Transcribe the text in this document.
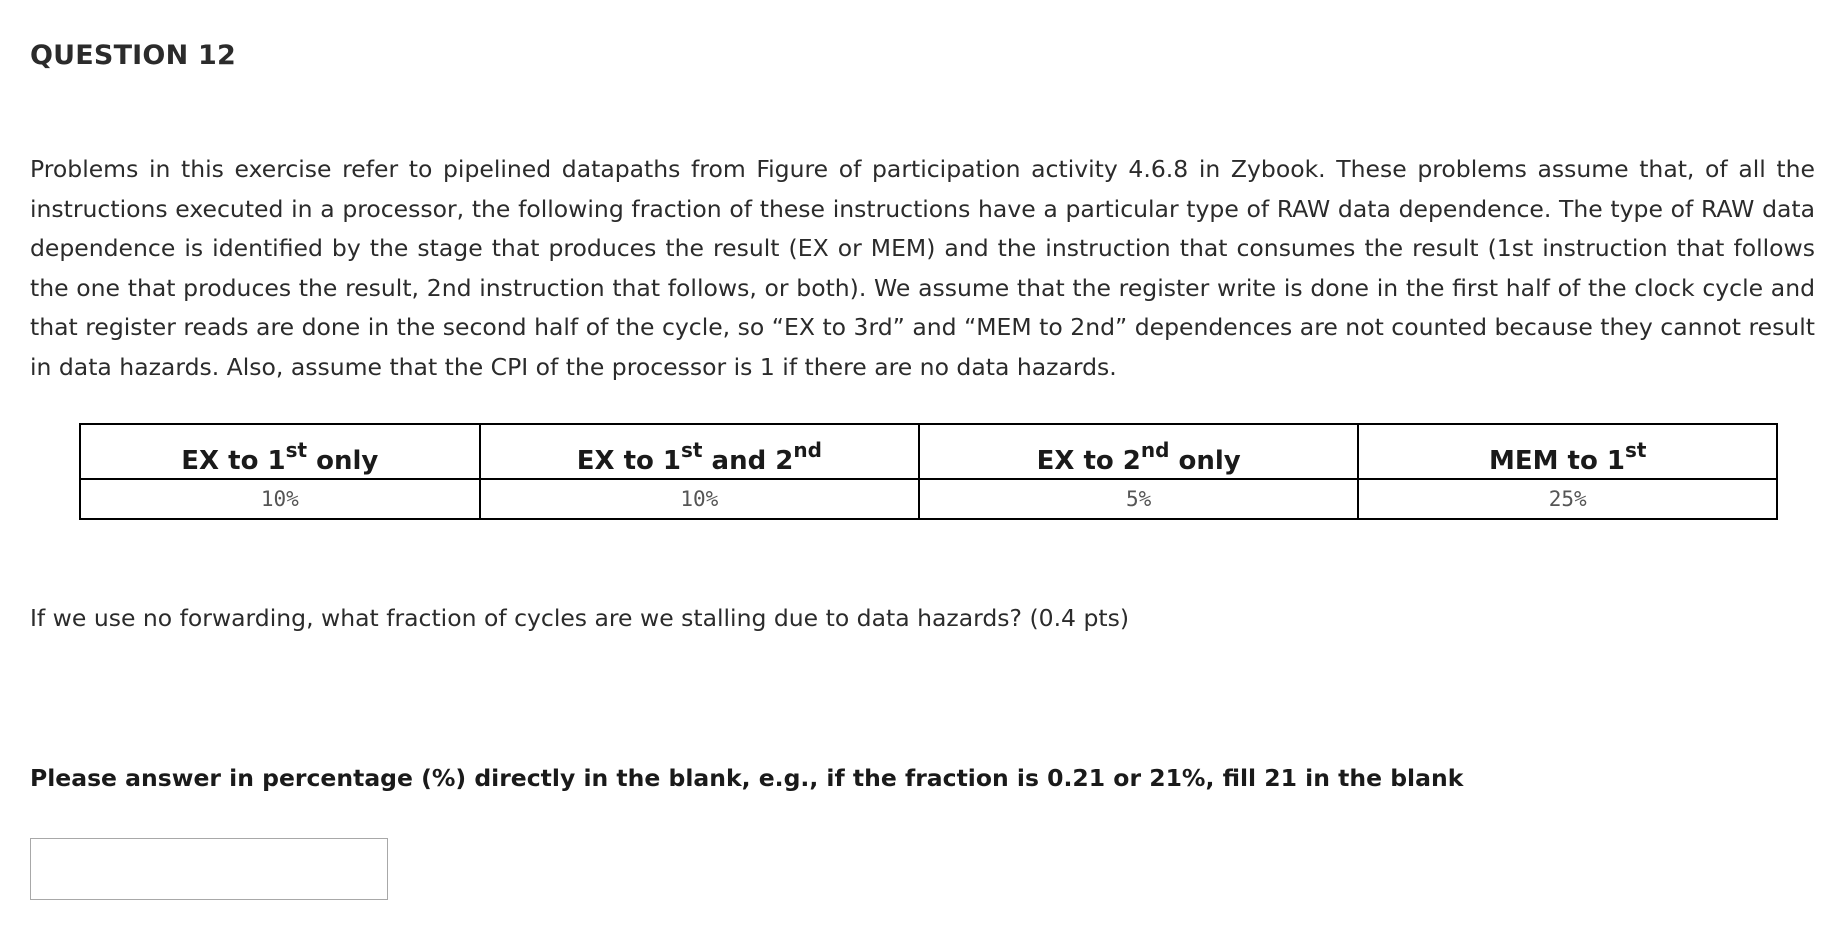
QUESTION 12

Problems in this exercise refer to pipelined datapaths from Figure of participation activity 4.6.8 in Zybook. These problems assume that, of all the instructions executed in a processor, the following fraction of these instructions have a particular type of RAW data dependence. The type of RAW data dependence is identified by the stage that produces the result (EX or MEM) and the instruction that consumes the result (1st instruction that follows the one that produces the result, 2nd instruction that follows, or both). We assume that the register write is done in the first half of the clock cycle and that register reads are done in the second half of the cycle, so “EX to 3rd” and “MEM to 2nd” dependences are not counted because they cannot result in data hazards. Also, assume that the CPI of the processor is 1 if there are no data hazards.

EX to 1st only	EX to 1st and 2nd	EX to 2nd only	MEM to 1st
10%	10%	5%	25%
If we use no forwarding, what fraction of cycles are we stalling due to data hazards? (0.4 pts)
Please answer in percentage (%) directly in the blank, e.g., if the fraction is 0.21 or 21%, fill 21 in the blank
